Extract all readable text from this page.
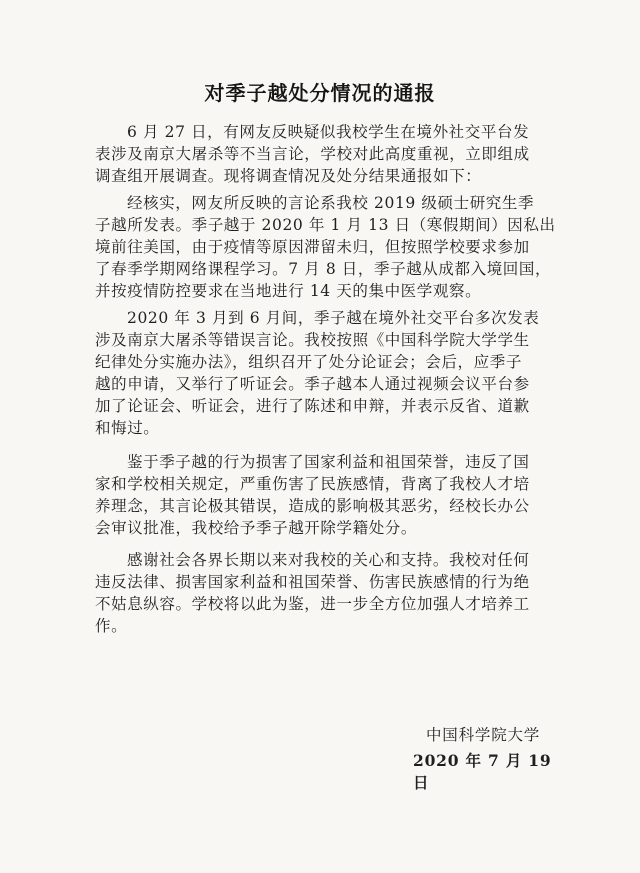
对季子越处分情况的通报
6 月 27 日，有网友反映疑似我校学生在境外社交平台发
表涉及南京大屠杀等不当言论，学校对此高度重视，立即组成
调查组开展调查。现将调查情况及处分结果通报如下：
经核实，网友所反映的言论系我校 2019 级硕士研究生季
子越所发表。季子越于 2020 年 1 月 13 日（寒假期间）因私出
境前往美国，由于疫情等原因滞留未归，但按照学校要求参加
了春季学期网络课程学习。7 月 8 日，季子越从成都入境回国，
并按疫情防控要求在当地进行 14 天的集中医学观察。
2020 年 3 月到 6 月间，季子越在境外社交平台多次发表
涉及南京大屠杀等错误言论。我校按照《中国科学院大学学生
纪律处分实施办法》，组织召开了处分论证会；会后，应季子
越的申请，又举行了听证会。季子越本人通过视频会议平台参
加了论证会、听证会，进行了陈述和申辩，并表示反省、道歉
和悔过。
鉴于季子越的行为损害了国家利益和祖国荣誉，违反了国
家和学校相关规定，严重伤害了民族感情，背离了我校人才培
养理念，其言论极其错误，造成的影响极其恶劣，经校长办公
会审议批准，我校给予季子越开除学籍处分。
感谢社会各界长期以来对我校的关心和支持。我校对任何
违反法律、损害国家利益和祖国荣誉、伤害民族感情的行为绝
不姑息纵容。学校将以此为鉴，进一步全方位加强人才培养工
作。
中国科学院大学
2020 年 7 月 19 日
